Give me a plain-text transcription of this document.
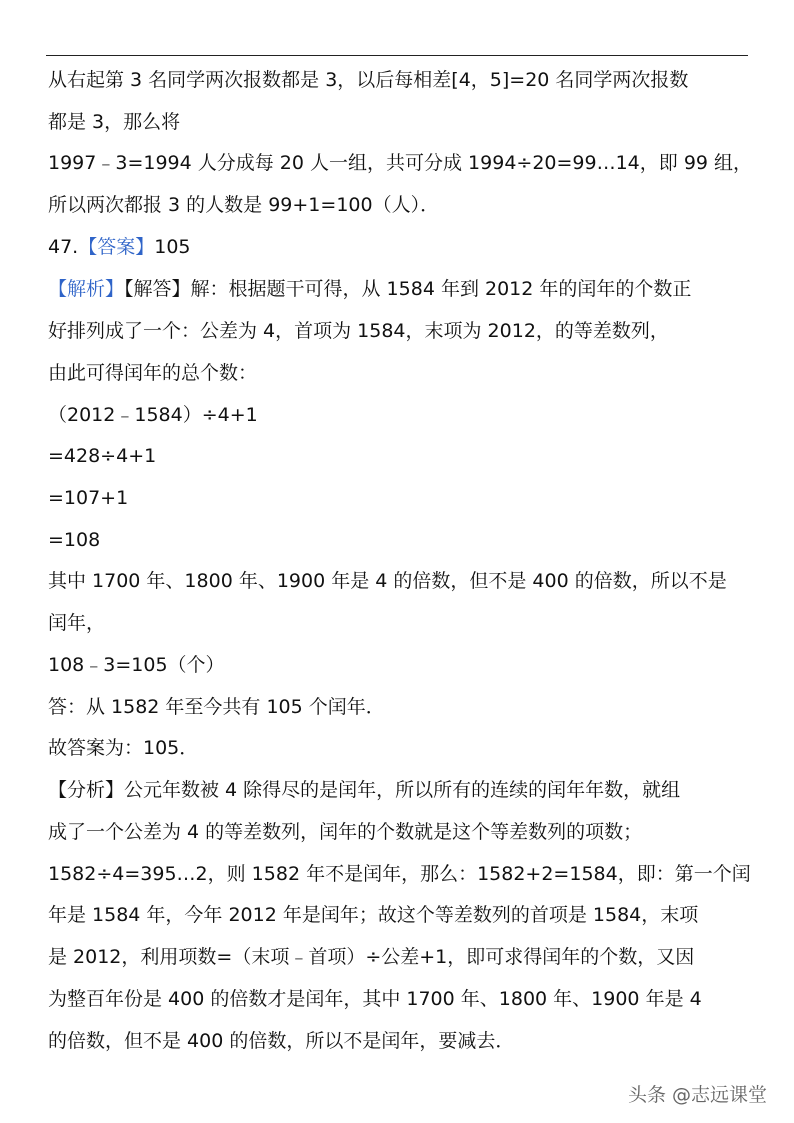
从右起第 3 名同学两次报数都是 3，以后每相差[4，5]=20 名同学两次报数
都是 3，那么将
1997﹣3=1994 人分成每 20 人一组，共可分成 1994÷20=99…14，即 99 组，
所以两次都报 3 的人数是 99+1=100（人）．
47.【答案】105
【解析】【解答】解：根据题干可得，从 1584 年到 2012 年的闰年的个数正
好排列成了一个：公差为 4，首项为 1584，末项为 2012，的等差数列，
由此可得闰年的总个数：
（2012﹣1584）÷4+1
=428÷4+1
=107+1
=108
其中 1700 年、1800 年、1900 年是 4 的倍数，但不是 400 的倍数，所以不是
闰年，
108﹣3=105（个）
答：从 1582 年至今共有 105 个闰年．
故答案为：105．
【分析】公元年数被 4 除得尽的是闰年，所以所有的连续的闰年年数，就组
成了一个公差为 4 的等差数列，闰年的个数就是这个等差数列的项数；
1582÷4=395…2，则 1582 年不是闰年，那么：1582+2=1584，即：第一个闰
年是 1584 年，今年 2012 年是闰年；故这个等差数列的首项是 1584，末项
是 2012，利用项数=（末项﹣首项）÷公差+1，即可求得闰年的个数，又因
为整百年份是 400 的倍数才是闰年，其中 1700 年、1800 年、1900 年是 4
的倍数，但不是 400 的倍数，所以不是闰年，要减去．
头条 @志远课堂
